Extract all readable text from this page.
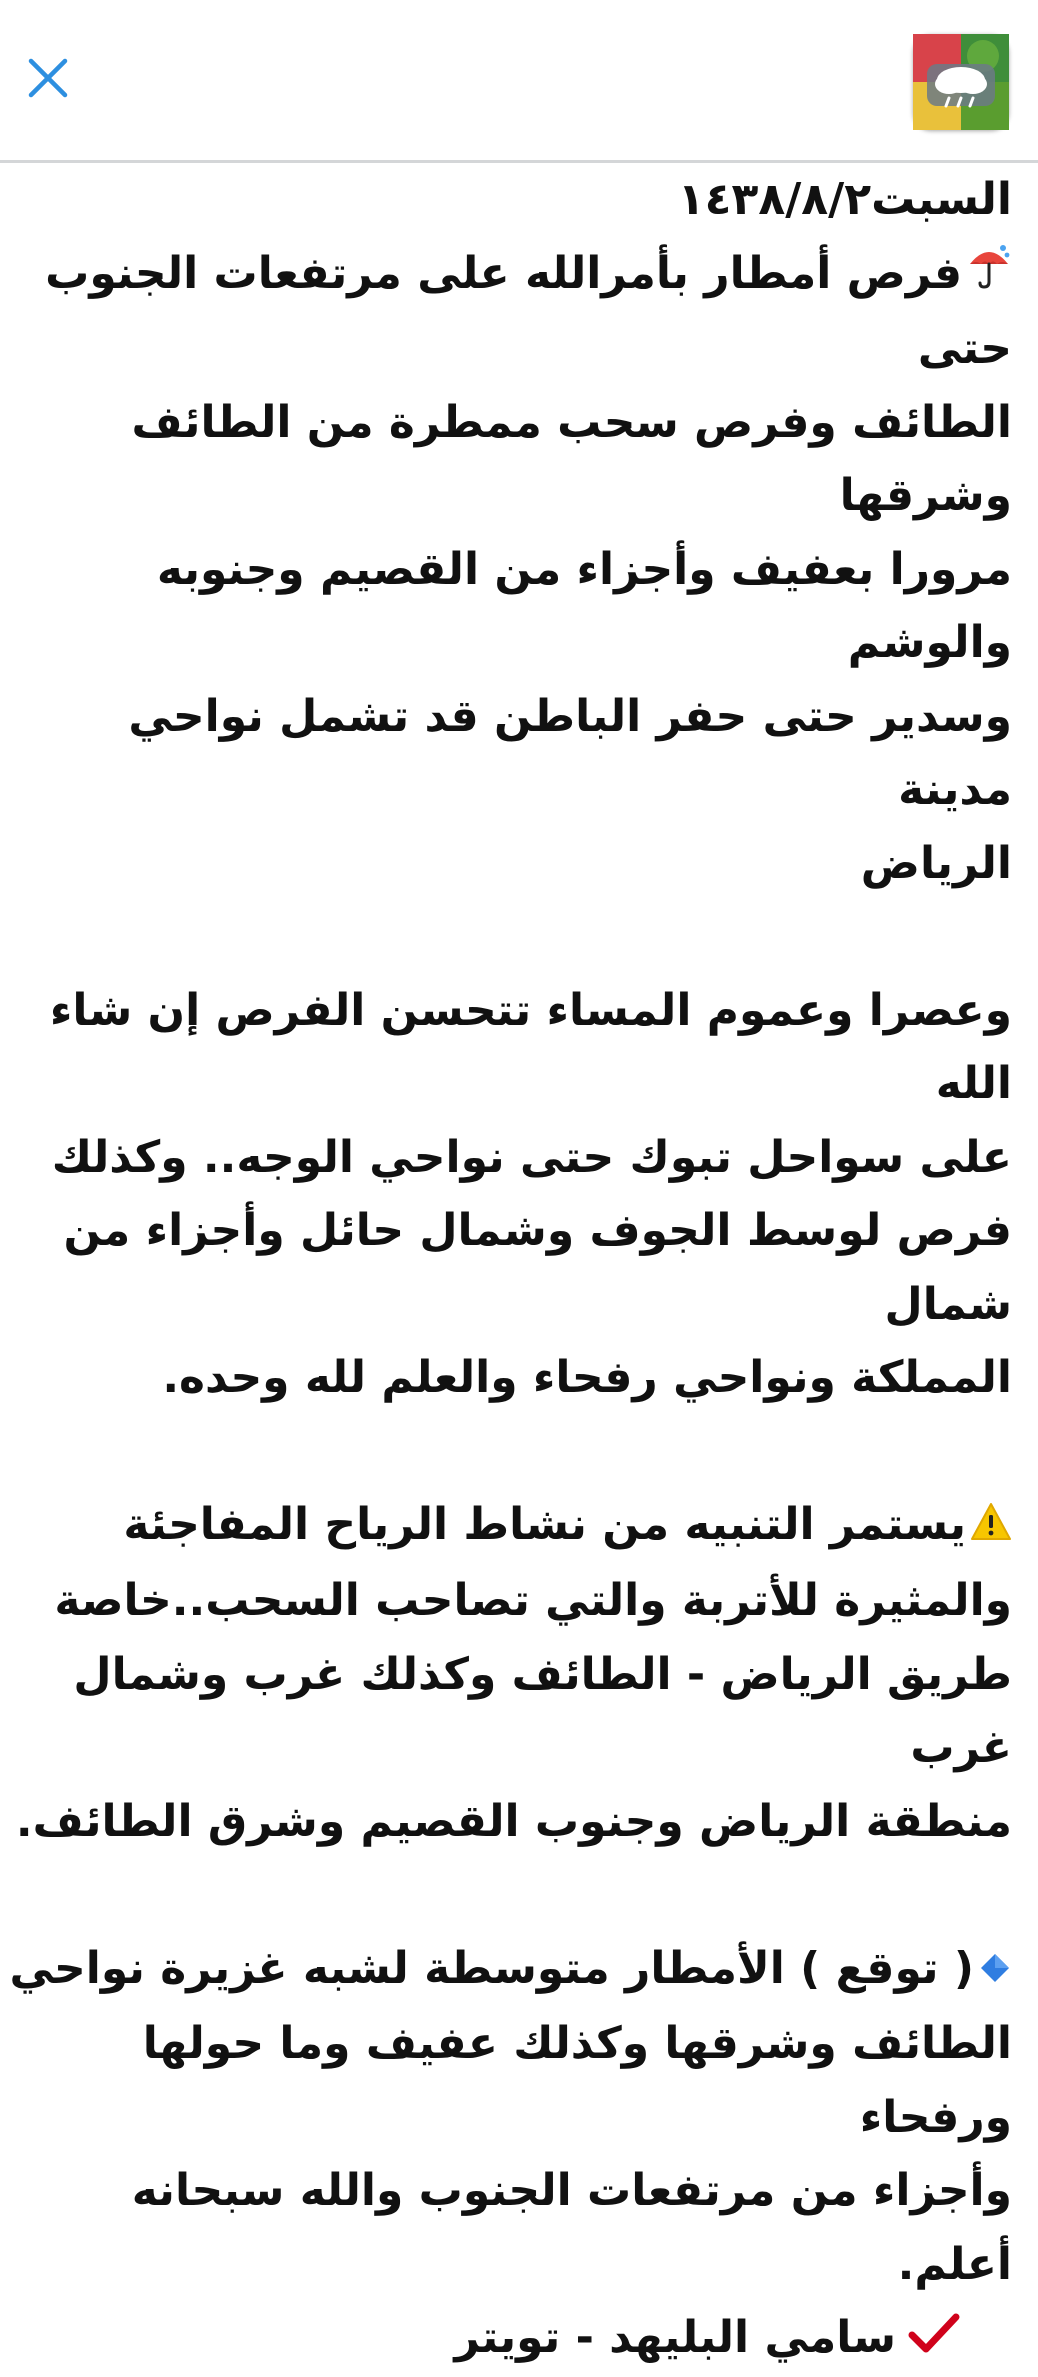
السبت١٤٣٨/٨/٢
فرص أمطار بأمرالله على مرتفعات الجنوب حتى
الطائف وفرص سحب ممطرة من الطائف وشرقها
مرورا بعفيف وأجزاء من القصيم وجنوبه والوشم
وسدير حتى حفر الباطن قد تشمل نواحي مدينة
الرياض
وعصرا وعموم المساء تتحسن الفرص إن شاء الله
على سواحل تبوك حتى نواحي الوجه.. وكذلك
فرص لوسط الجوف وشمال حائل وأجزاء من شمال
المملكة ونواحي رفحاء والعلم لله وحده.
يستمر التنبيه من نشاط الرياح المفاجئة
والمثيرة للأتربة والتي تصاحب السحب..خاصة
طريق الرياض - الطائف وكذلك غرب وشمال غرب
منطقة الرياض وجنوب القصيم وشرق الطائف.
( توقع ) الأمطار متوسطة لشبه غزيرة نواحي
الطائف وشرقها وكذلك عفيف وما حولها ورفحاء
وأجزاء من مرتفعات الجنوب والله سبحانه أعلم.
سامي البليهد - تويتر
